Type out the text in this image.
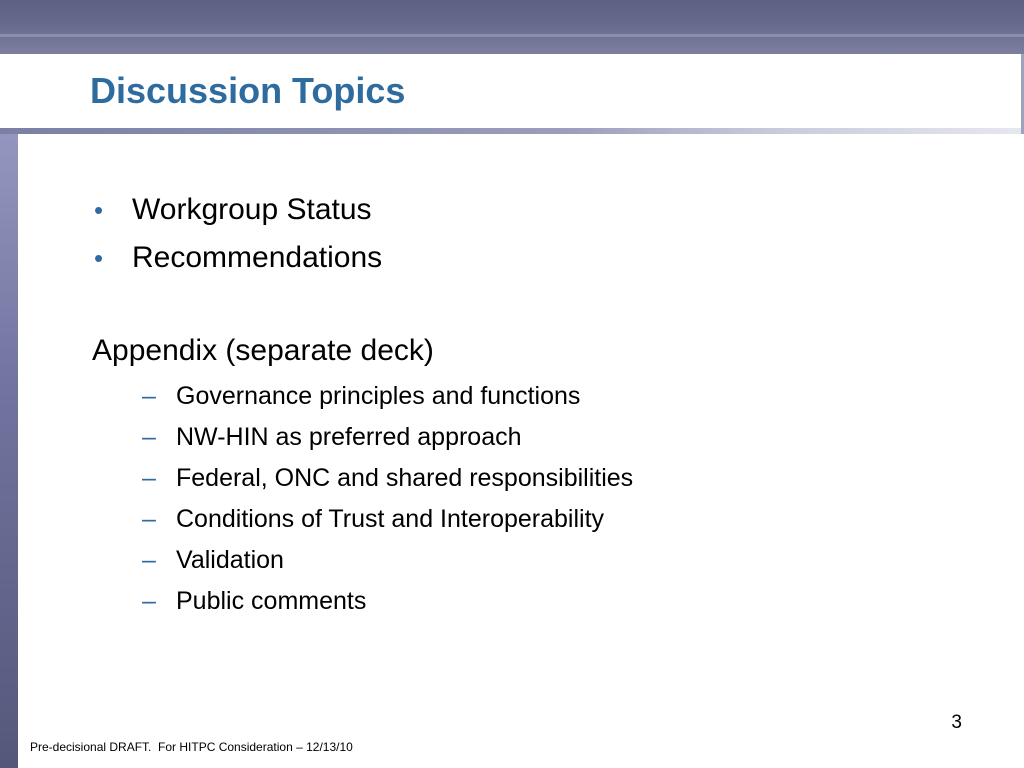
Discussion Topics
• Workgroup Status
• Recommendations
Appendix (separate deck)
– Governance principles and functions
– NW-HIN as preferred approach
– Federal, ONC and shared responsibilities
– Conditions of Trust and Interoperability
– Validation
– Public comments
3
Pre-decisional DRAFT.  For HITPC Consideration – 12/13/10
